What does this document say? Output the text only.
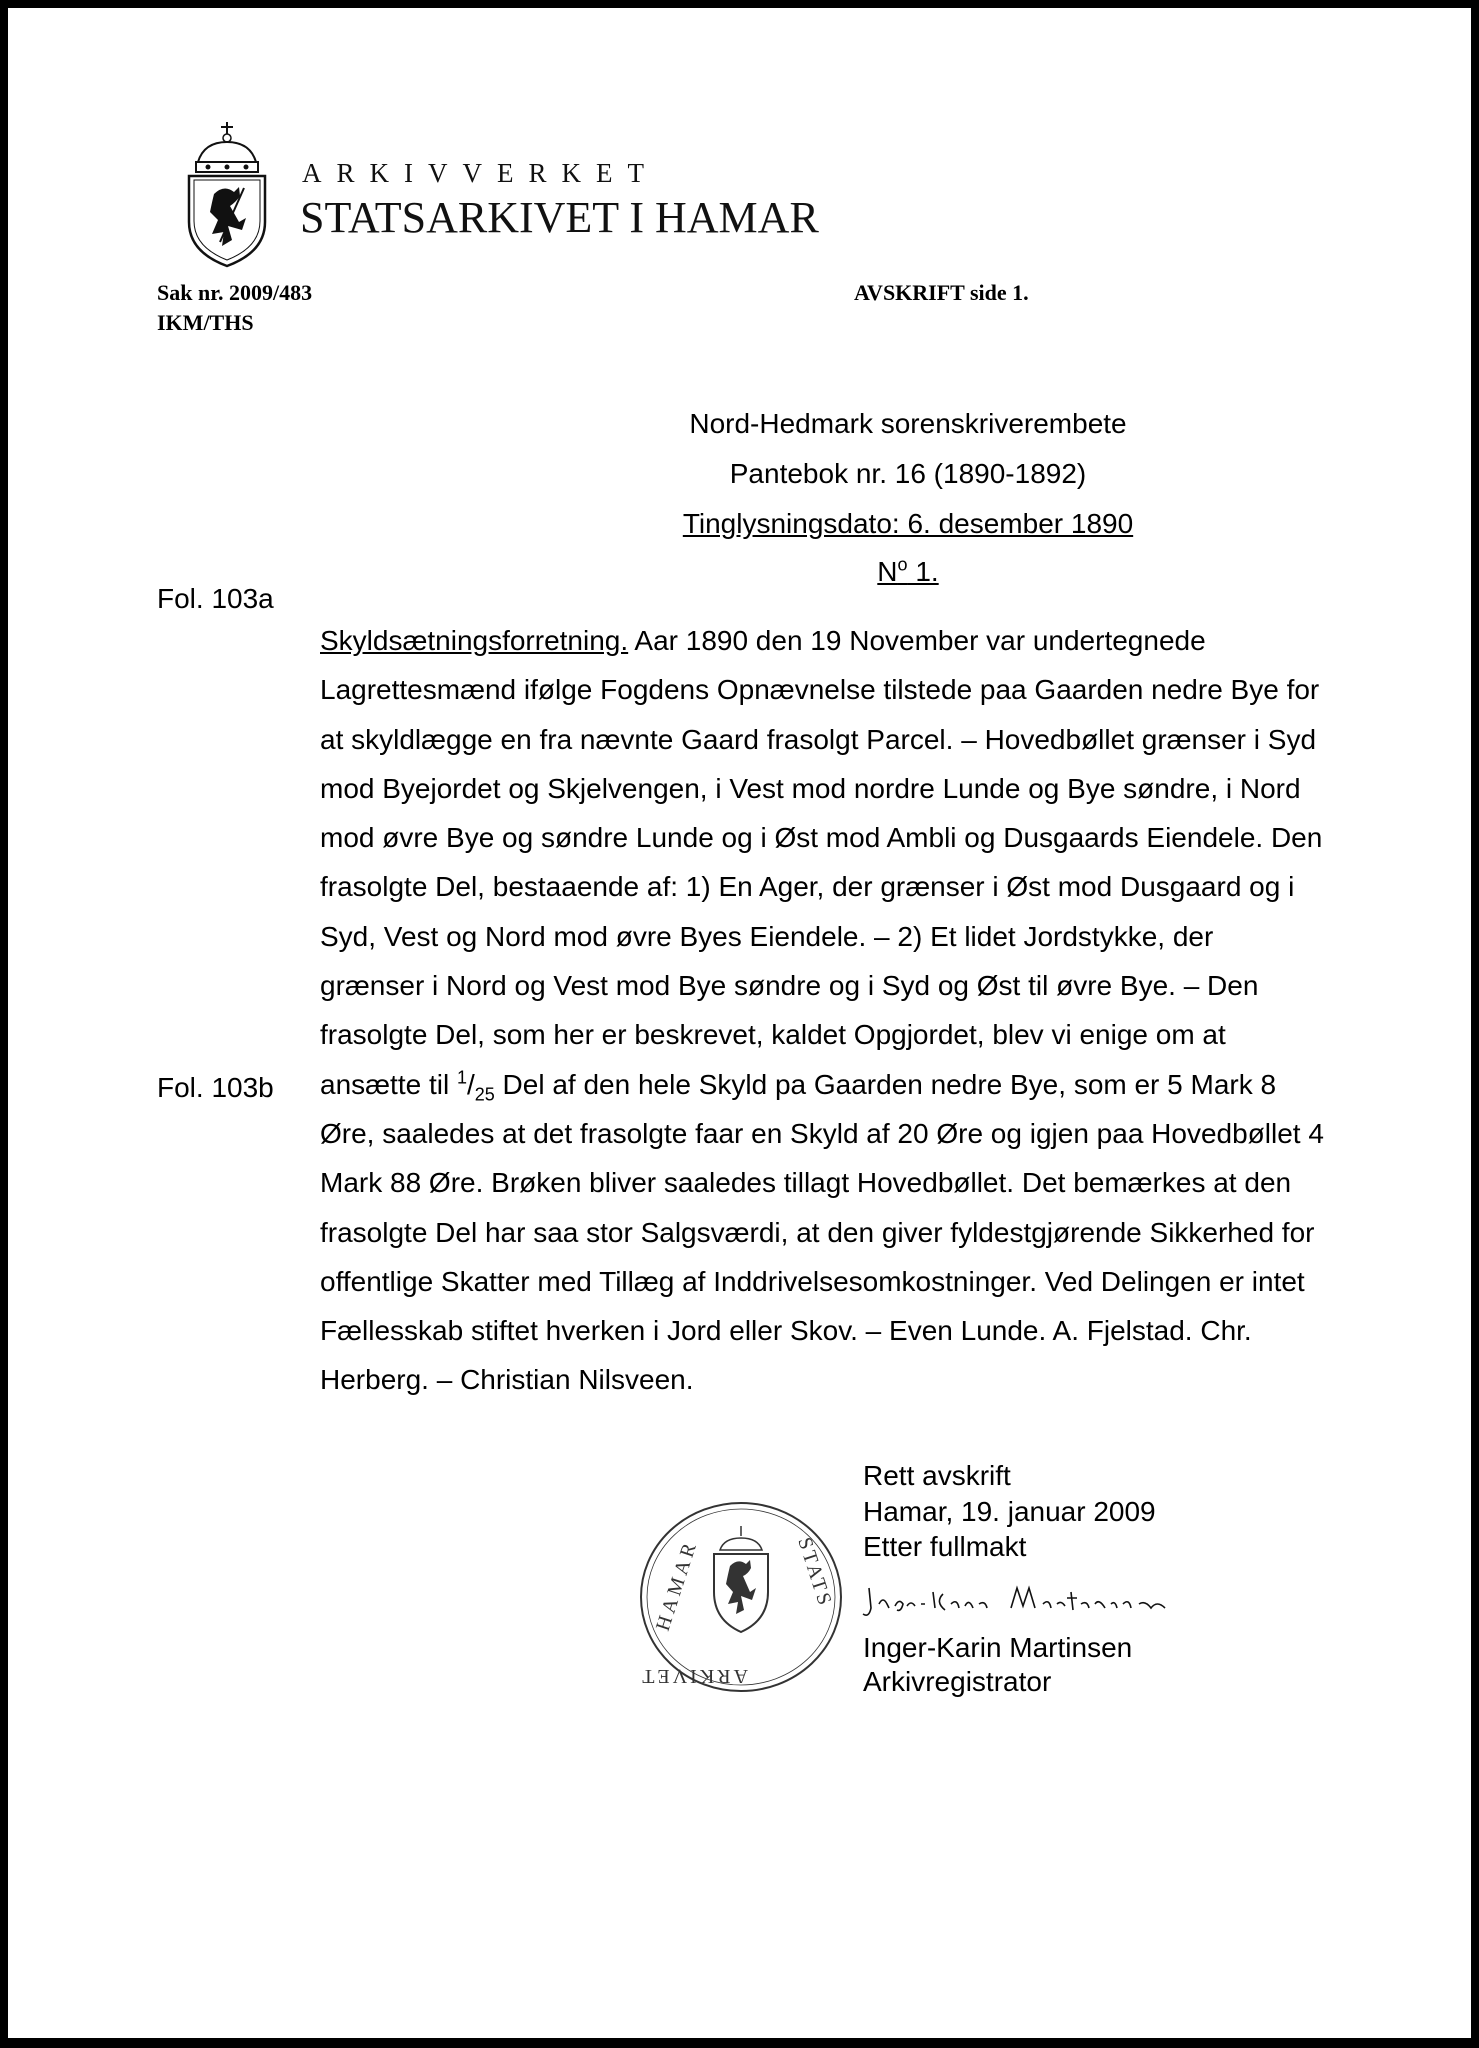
ARKIVVERKET
STATSARKIVET I HAMAR
Sak nr. 2009/483
IKM/THS
AVSKRIFT side 1.
Nord-Hedmark sorenskriverembete
Pantebok nr. 16 (1890-1892)
Tinglysningsdato: 6. desember 1890
$N^o$ 1.
Fol. 103a
Fol. 103b
Skyldsætningsforretning. Aar 1890 den 19 November var undertegnede
Lagrettesmænd ifølge Fogdens Opnævnelse tilstede paa Gaarden nedre Bye for
at skyldlægge en fra nævnte Gaard frasolgt Parcel. – Hovedbøllet grænser i Syd
mod Byejordet og Skjelvengen, i Vest mod nordre Lunde og Bye søndre, i Nord
mod øvre Bye og søndre Lunde og i Øst mod Ambli og Dusgaards Eiendele. Den
frasolgte Del, bestaaende af: 1) En Ager, der grænser i Øst mod Dusgaard og i
Syd, Vest og Nord mod øvre Byes Eiendele. – 2) Et lidet Jordstykke, der
grænser i Nord og Vest mod Bye søndre og i Syd og Øst til øvre Bye. – Den
frasolgte Del, som her er beskrevet, kaldet Opgjordet, blev vi enige om at
ansætte til $^1/_{25}$ Del af den hele Skyld pa Gaarden nedre Bye, som er 5 Mark 8
Øre, saaledes at det frasolgte faar en Skyld af 20 Øre og igjen paa Hovedbøllet 4
Mark 88 Øre. Brøken bliver saaledes tillagt Hovedbøllet. Det bemærkes at den
frasolgte Del har saa stor Salgsværdi, at den giver fyldestgjørende Sikkerhed for
offentlige Skatter med Tillæg af Inddrivelsesomkostninger. Ved Delingen er intet
Fællesskab stiftet hverken i Jord eller Skov. – Even Lunde. A. Fjelstad. Chr.
Herberg. – Christian Nilsveen.
Rett avskrift
Hamar, 19. januar 2009
Etter fullmakt
Inger-Karin Martinsen
Arkivregistrator
HAMAR	STATS
ARKIVET
